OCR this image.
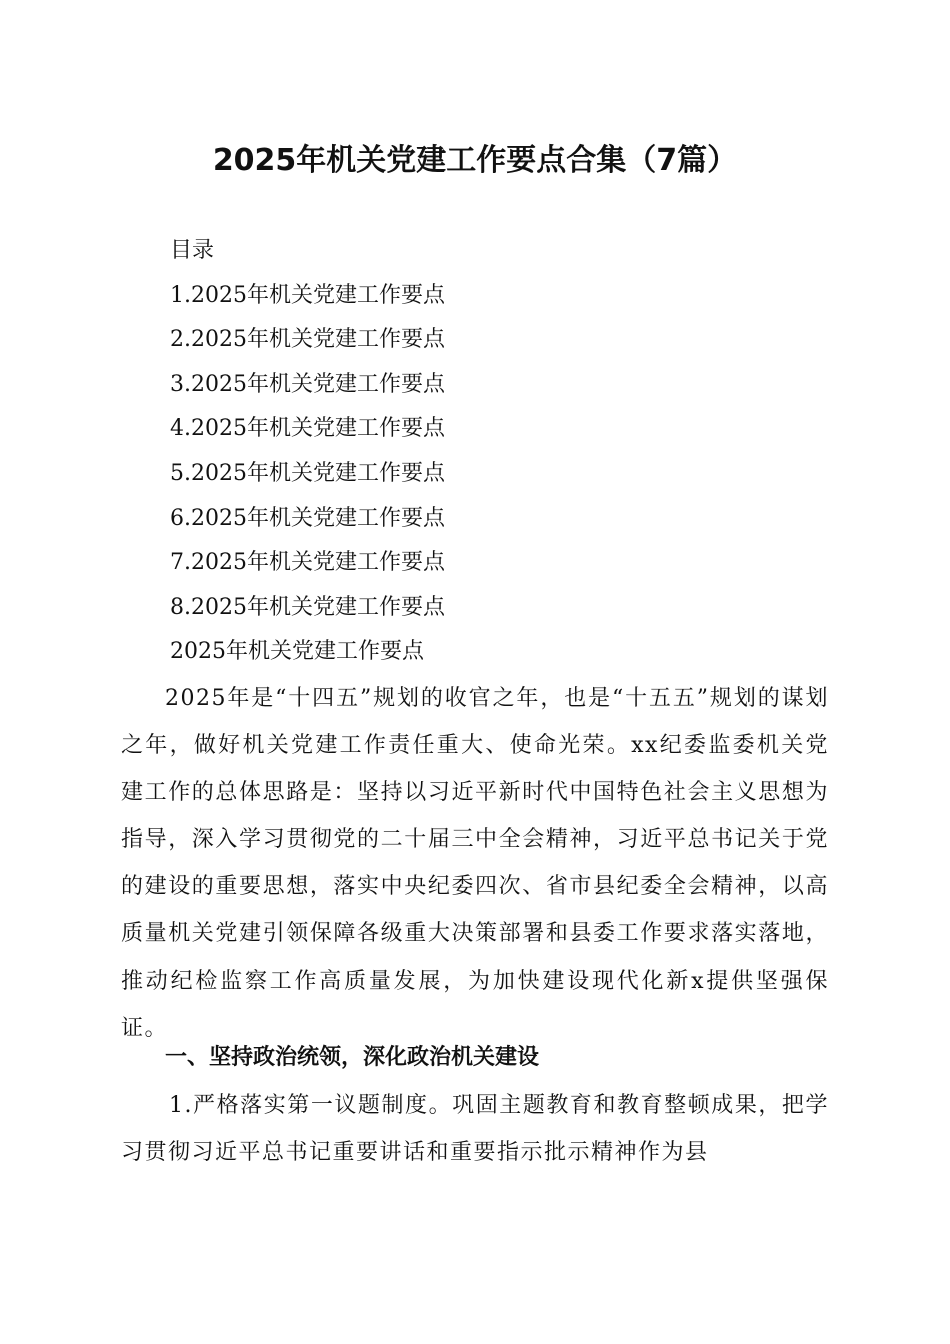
2025年机关党建工作要点合集（7篇）
目录
1.2025年机关党建工作要点
2.2025年机关党建工作要点
3.2025年机关党建工作要点
4.2025年机关党建工作要点
5.2025年机关党建工作要点
6.2025年机关党建工作要点
7.2025年机关党建工作要点
8.2025年机关党建工作要点
2025年机关党建工作要点

2025年是“十四五”规划的收官之年，也是“十五五”规划的谋划之年，做好机关党建工作责任重大、使命光荣。xx纪委监委机关党建工作的总体思路是：坚持以习近平新时代中国特色社会主义思想为指导，深入学习贯彻党的二十届三中全会精神，习近平总书记关于党的建设的重要思想，落实中央纪委四次、省市县纪委全会精神，以高质量机关党建引领保障各级重大决策部署和县委工作要求落实落地，推动纪检监察工作高质量发展，为加快建设现代化新x提供坚强保证。

一、坚持政治统领，深化政治机关建设

1.严格落实第一议题制度。巩固主题教育和教育整顿成果，把学习贯彻习近平总书记重要讲话和重要指示批示精神作为县
